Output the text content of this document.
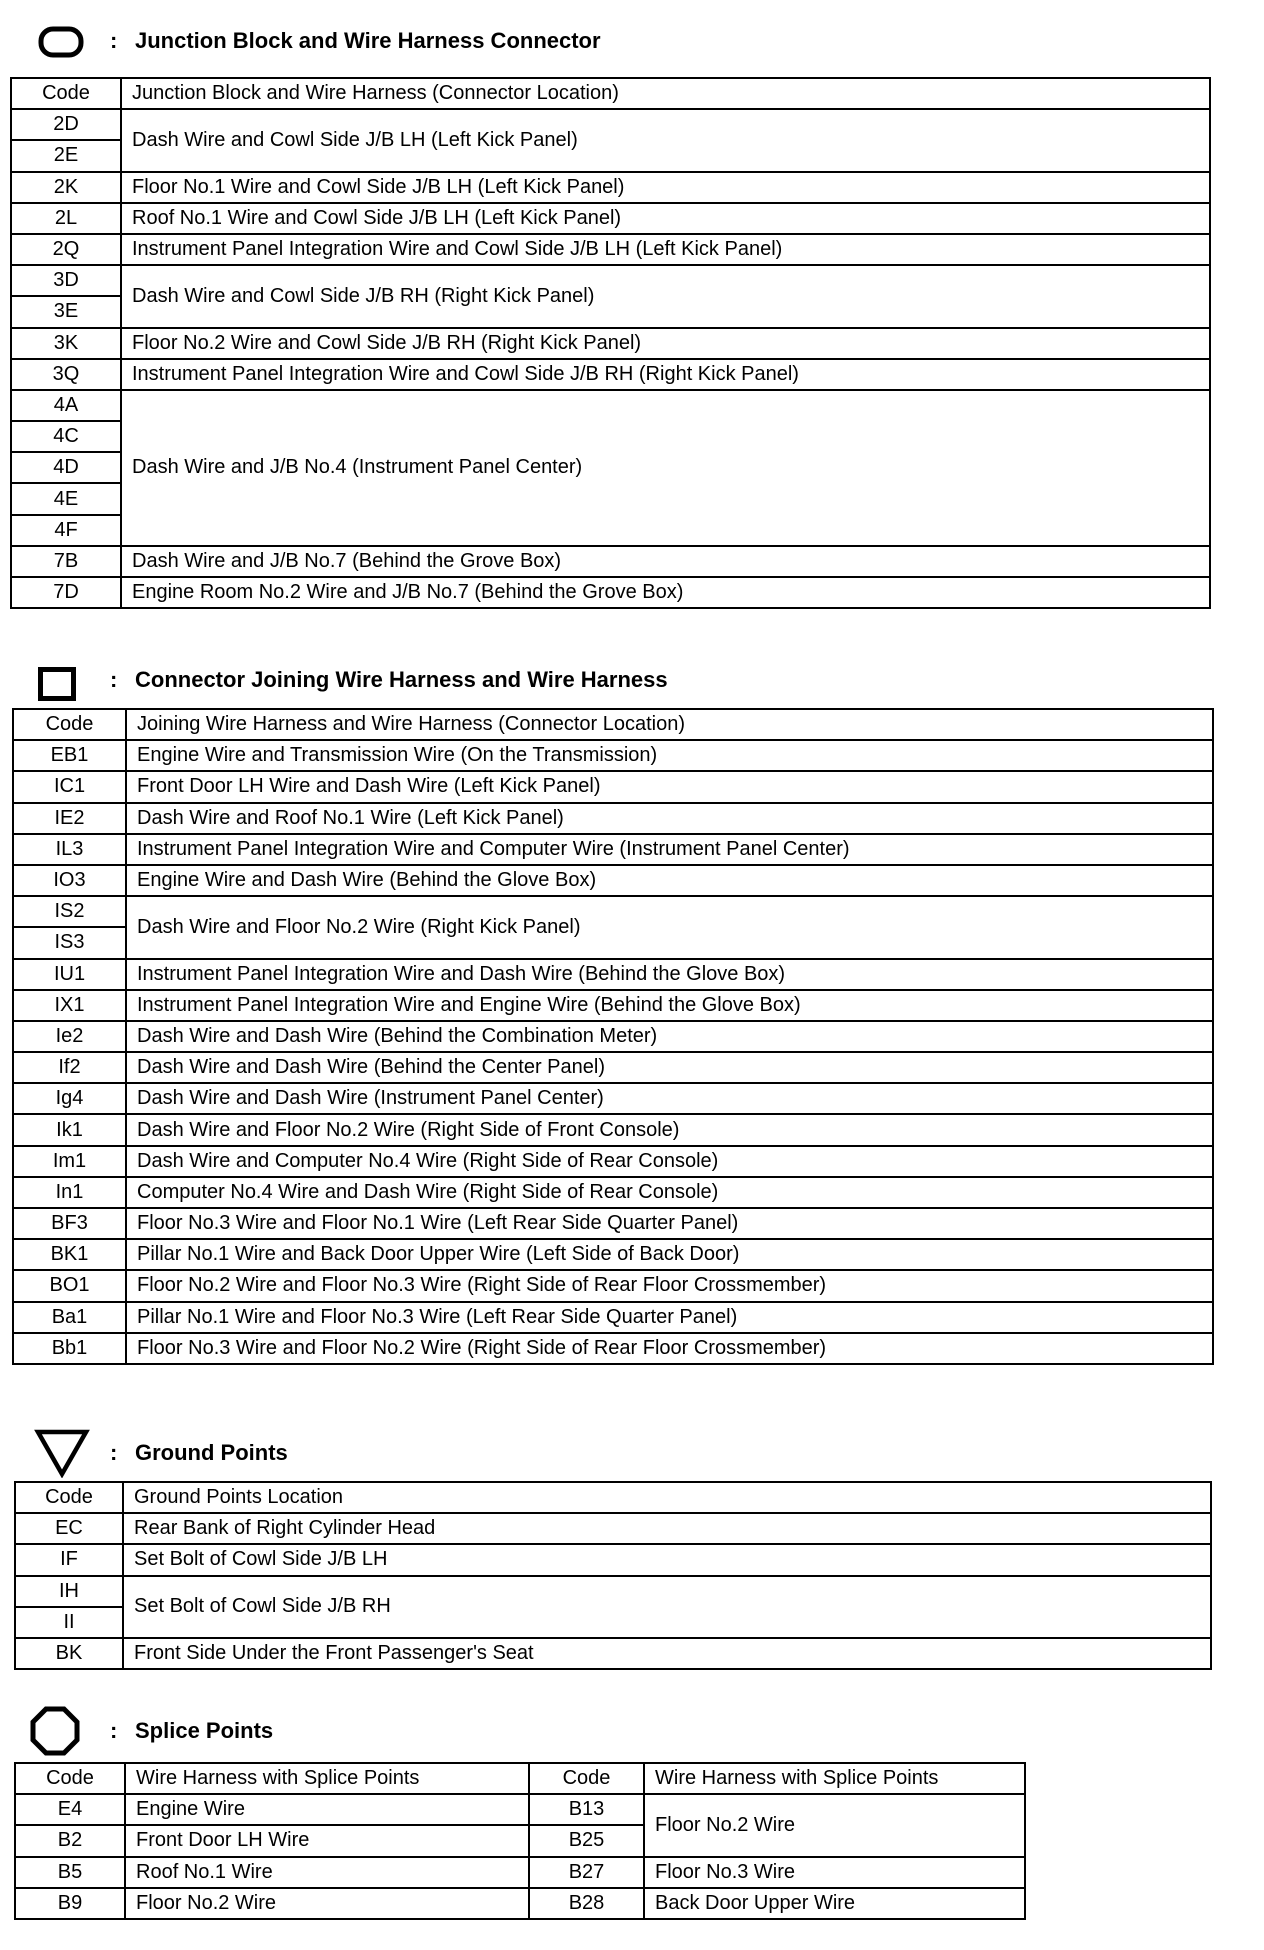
: Junction Block and Wire Harness Connector
Code	Junction Block and Wire Harness (Connector Location)
2D	Dash Wire and Cowl Side J/B LH (Left Kick Panel)
2E	
2K	Floor No.1 Wire and Cowl Side J/B LH (Left Kick Panel)
2L	Roof No.1 Wire and Cowl Side J/B LH (Left Kick Panel)
2Q	Instrument Panel Integration Wire and Cowl Side J/B LH (Left Kick Panel)
3D	Dash Wire and Cowl Side J/B RH (Right Kick Panel)
3E	
3K	Floor No.2 Wire and Cowl Side J/B RH (Right Kick Panel)
3Q	Instrument Panel Integration Wire and Cowl Side J/B RH (Right Kick Panel)
4A	Dash Wire and J/B No.4 (Instrument Panel Center)
4C	
4D	
4E	
4F	
7B	Dash Wire and J/B No.7 (Behind the Grove Box)
7D	Engine Room No.2 Wire and J/B No.7 (Behind the Grove Box)
: Connector Joining Wire Harness and Wire Harness
Code	Joining Wire Harness and Wire Harness (Connector Location)
EB1	Engine Wire and Transmission Wire (On the Transmission)
IC1	Front Door LH Wire and Dash Wire (Left Kick Panel)
IE2	Dash Wire and Roof No.1 Wire (Left Kick Panel)
IL3	Instrument Panel Integration Wire and Computer Wire (Instrument Panel Center)
IO3	Engine Wire and Dash Wire (Behind the Glove Box)
IS2	Dash Wire and Floor No.2 Wire (Right Kick Panel)
IS3	
IU1	Instrument Panel Integration Wire and Dash Wire (Behind the Glove Box)
IX1	Instrument Panel Integration Wire and Engine Wire (Behind the Glove Box)
Ie2	Dash Wire and Dash Wire (Behind the Combination Meter)
If2	Dash Wire and Dash Wire (Behind the Center Panel)
Ig4	Dash Wire and Dash Wire (Instrument Panel Center)
Ik1	Dash Wire and Floor No.2 Wire (Right Side of Front Console)
Im1	Dash Wire and Computer No.4 Wire (Right Side of Rear Console)
In1	Computer No.4 Wire and Dash Wire (Right Side of Rear Console)
BF3	Floor No.3 Wire and Floor No.1 Wire (Left Rear Side Quarter Panel)
BK1	Pillar No.1 Wire and Back Door Upper Wire (Left Side of Back Door)
BO1	Floor No.2 Wire and Floor No.3 Wire (Right Side of Rear Floor Crossmember)
Ba1	Pillar No.1 Wire and Floor No.3 Wire (Left Rear Side Quarter Panel)
Bb1	Floor No.3 Wire and Floor No.2 Wire (Right Side of Rear Floor Crossmember)
: Ground Points
Code	Ground Points Location
EC	Rear Bank of Right Cylinder Head
IF	Set Bolt of Cowl Side J/B LH
IH	Set Bolt of Cowl Side J/B RH
II	
BK	Front Side Under the Front Passenger's Seat
: Splice Points
Code	Wire Harness with Splice Points	Code	Wire Harness with Splice Points
E4	Engine Wire	B13	Floor No.2 Wire
B2	Front Door LH Wire	B25	
B5	Roof No.1 Wire	B27	Floor No.3 Wire
B9	Floor No.2 Wire	B28	Back Door Upper Wire
